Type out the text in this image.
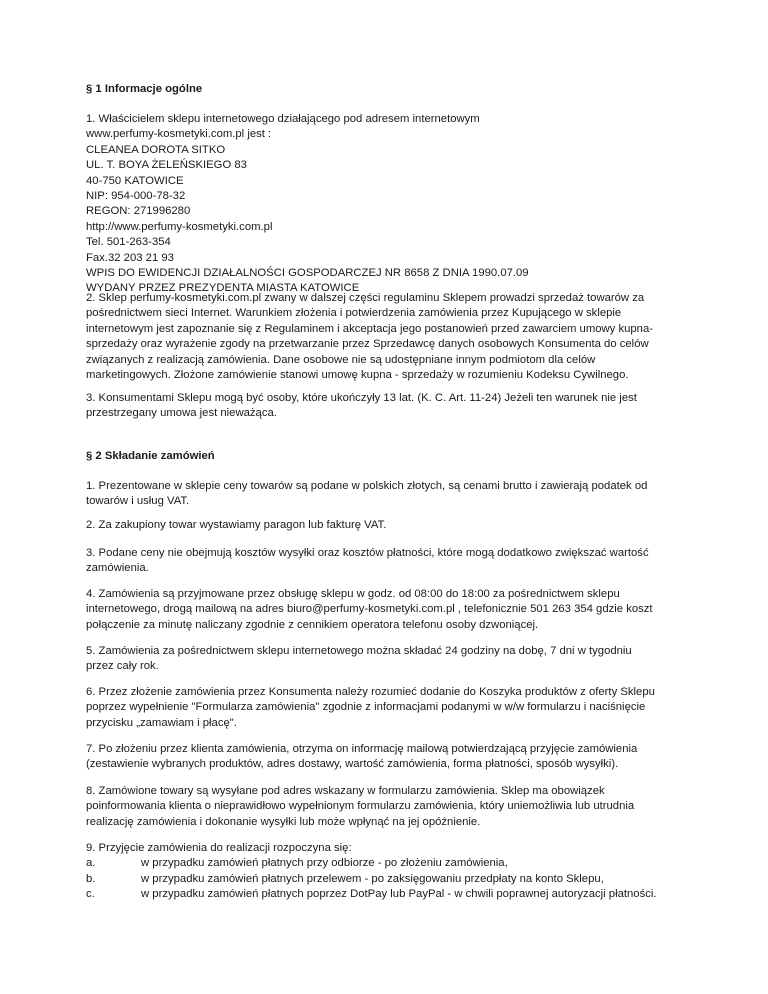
§ 1 Informacje ogólne
1. Właścicielem sklepu internetowego działającego pod adresem internetowym
www.perfumy-kosmetyki.com.pl jest :
CLEANEA DOROTA SITKO
UL. T. BOYA ŻELEŃSKIEGO 83
40-750 KATOWICE
NIP: 954-000-78-32
REGON: 271996280
http://www.perfumy-kosmetyki.com.pl
Tel. 501-263-354
Fax.32 203 21 93
WPIS DO EWIDENCJI DZIAŁALNOŚCI GOSPODARCZEJ NR 8658 Z DNIA 1990.07.09
WYDANY PRZEZ PREZYDENTA MIASTA KATOWICE
2. Sklep perfumy-kosmetyki.com.pl zwany w dalszej części regulaminu Sklepem prowadzi sprzedaż towarów za
pośrednictwem sieci Internet. Warunkiem złożenia i potwierdzenia zamówienia przez Kupującego w sklepie
internetowym jest zapoznanie się z Regulaminem i akceptacja jego postanowień przed zawarciem umowy kupna-
sprzedaży oraz wyrażenie zgody na przetwarzanie przez Sprzedawcę danych osobowych Konsumenta do celów
związanych z realizacją zamówienia. Dane osobowe nie są udostępniane innym podmiotom dla celów
marketingowych. Złożone zamówienie stanowi umowę kupna - sprzedaży w rozumieniu Kodeksu Cywilnego.
3. Konsumentami Sklepu mogą być osoby, które ukończyły 13 lat. (K. C. Art. 11-24) Jeżeli ten warunek nie jest
przestrzegany umowa jest nieważąca.
§ 2 Składanie zamówień
1. Prezentowane w sklepie ceny towarów są podane w polskich złotych, są cenami brutto i zawierają podatek od
towarów i usług VAT.
2. Za zakupiony towar wystawiamy paragon lub fakturę VAT.
3. Podane ceny nie obejmują kosztów wysyłki oraz kosztów płatności, które mogą dodatkowo zwiększać wartość
zamówienia.
4. Zamówienia są przyjmowane przez obsługę sklepu w godz. od 08:00 do 18:00 za pośrednictwem sklepu
internetowego, drogą mailową na adres biuro@perfumy-kosmetyki.com.pl , telefonicznie 501 263 354 gdzie koszt
połączenie za minutę naliczany zgodnie z cennikiem operatora telefonu osoby dzwoniącej.
5. Zamówienia za pośrednictwem sklepu internetowego można składać 24 godziny na dobę, 7 dni w tygodniu
przez cały rok.
6. Przez złożenie zamówienia przez Konsumenta należy rozumieć dodanie do Koszyka produktów z oferty Sklepu
poprzez wypełnienie "Formularza zamówienia" zgodnie z informacjami podanymi w w/w formularzu i naciśnięcie
przycisku „zamawiam i płacę".
7. Po złożeniu przez klienta zamówienia, otrzyma on informację mailową potwierdzającą przyjęcie zamówienia
(zestawienie wybranych produktów, adres dostawy, wartość zamówienia, forma płatności, sposób wysyłki).
8. Zamówione towary są wysyłane pod adres wskazany w formularzu zamówienia. Sklep ma obowiązek
poinformowania klienta o nieprawidłowo wypełnionym formularzu zamówienia, który uniemożliwia lub utrudnia
realizację zamówienia i dokonanie wysyłki lub może wpłynąć na jej opóźnienie.
9. Przyjęcie zamówienia do realizacji rozpoczyna się:
a.	w przypadku zamówień płatnych przy odbiorze - po złożeniu zamówienia,
b.	w przypadku zamówień płatnych przelewem - po zaksięgowaniu przedpłaty na konto Sklepu,
c.	w przypadku zamówień płatnych poprzez DotPay lub PayPal - w chwili poprawnej autoryzacji płatności.
